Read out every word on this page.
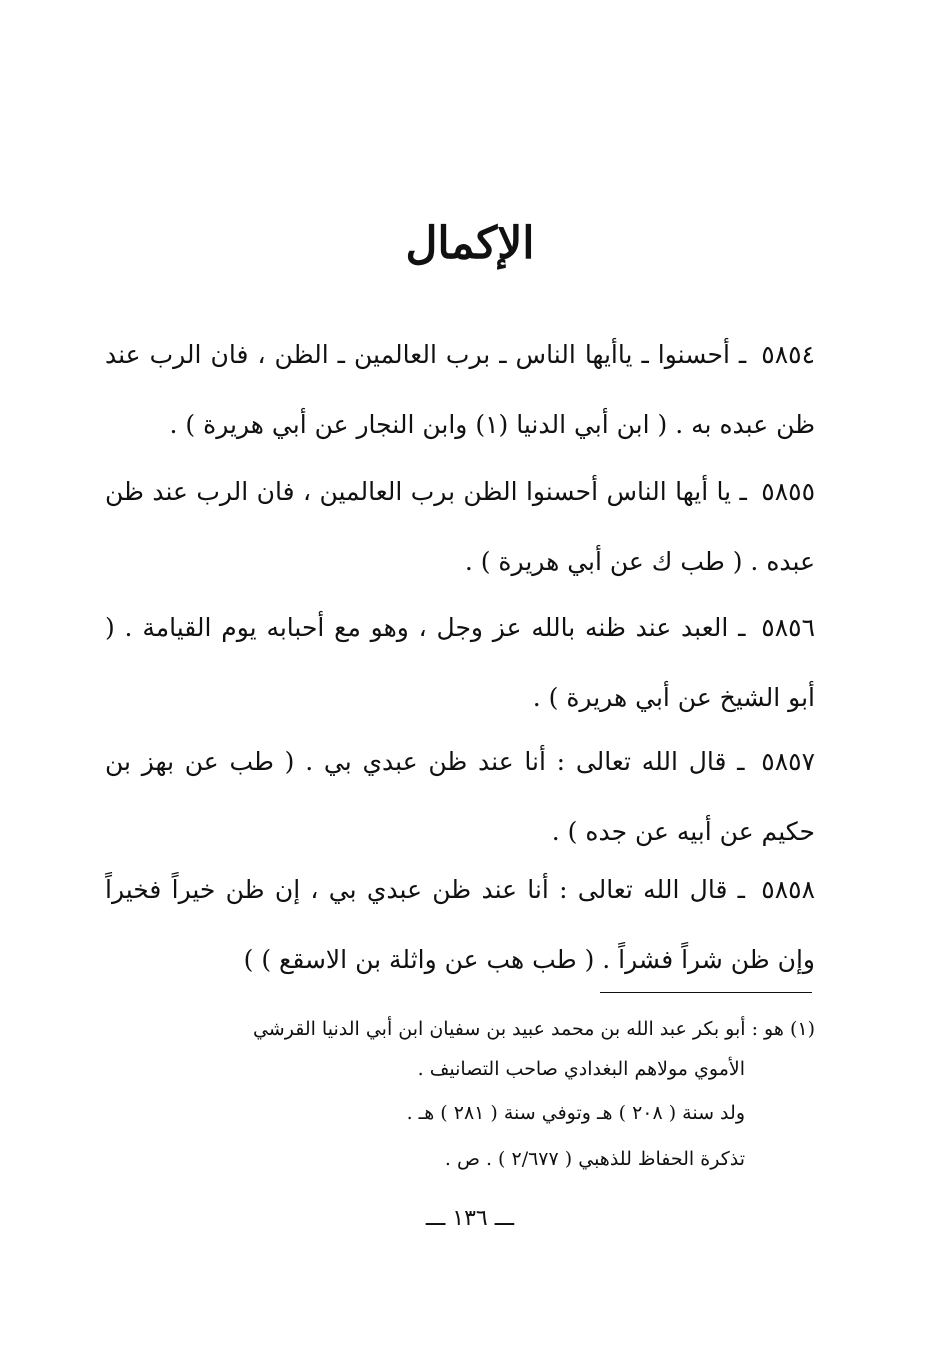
الإكمال
٥٨٥٤ ـ أحسنوا ـ ياأيها الناس ـ برب العالمين ـ الظن ، فان الرب عند ظن عبده به . ( ابن أبي الدنيا (١) وابن النجار عن أبي هريرة ) .
٥٨٥٥ ـ يا أيها الناس أحسنوا الظن برب العالمين ، فان الرب عند ظن عبده . ( طب ك عن أبي هريرة ) .
٥٨٥٦ ـ العبد عند ظنه بالله عز وجل ، وهو مع أحبابه يوم القيامة . ( أبو الشيخ عن أبي هريرة ) .
٥٨٥٧ ـ قال الله تعالى : أنا عند ظن عبدي بي . ( طب عن بهز بن حكيم عن أبيه عن جده ) .
٥٨٥٨ ـ قال الله تعالى : أنا عند ظن عبدي بي ، إن ظن خيراً فخيراً وإن ظن شراً فشراً . ( طب هب عن واثلة بن الاسقع ) )
(١) هو : أبو بكر عبد الله بن محمد عبيد بن سفيان ابن أبي الدنيا القرشي
الأموي مولاهم البغدادي صاحب التصانيف .
ولد سنة ( ٢٠٨ ) هـ وتوفي سنة ( ٢٨١ ) هـ .
تذكرة الحفاظ للذهبي ( ٢/٦٧٧ ) . ص .
ـــ ١٣٦ ـــ
